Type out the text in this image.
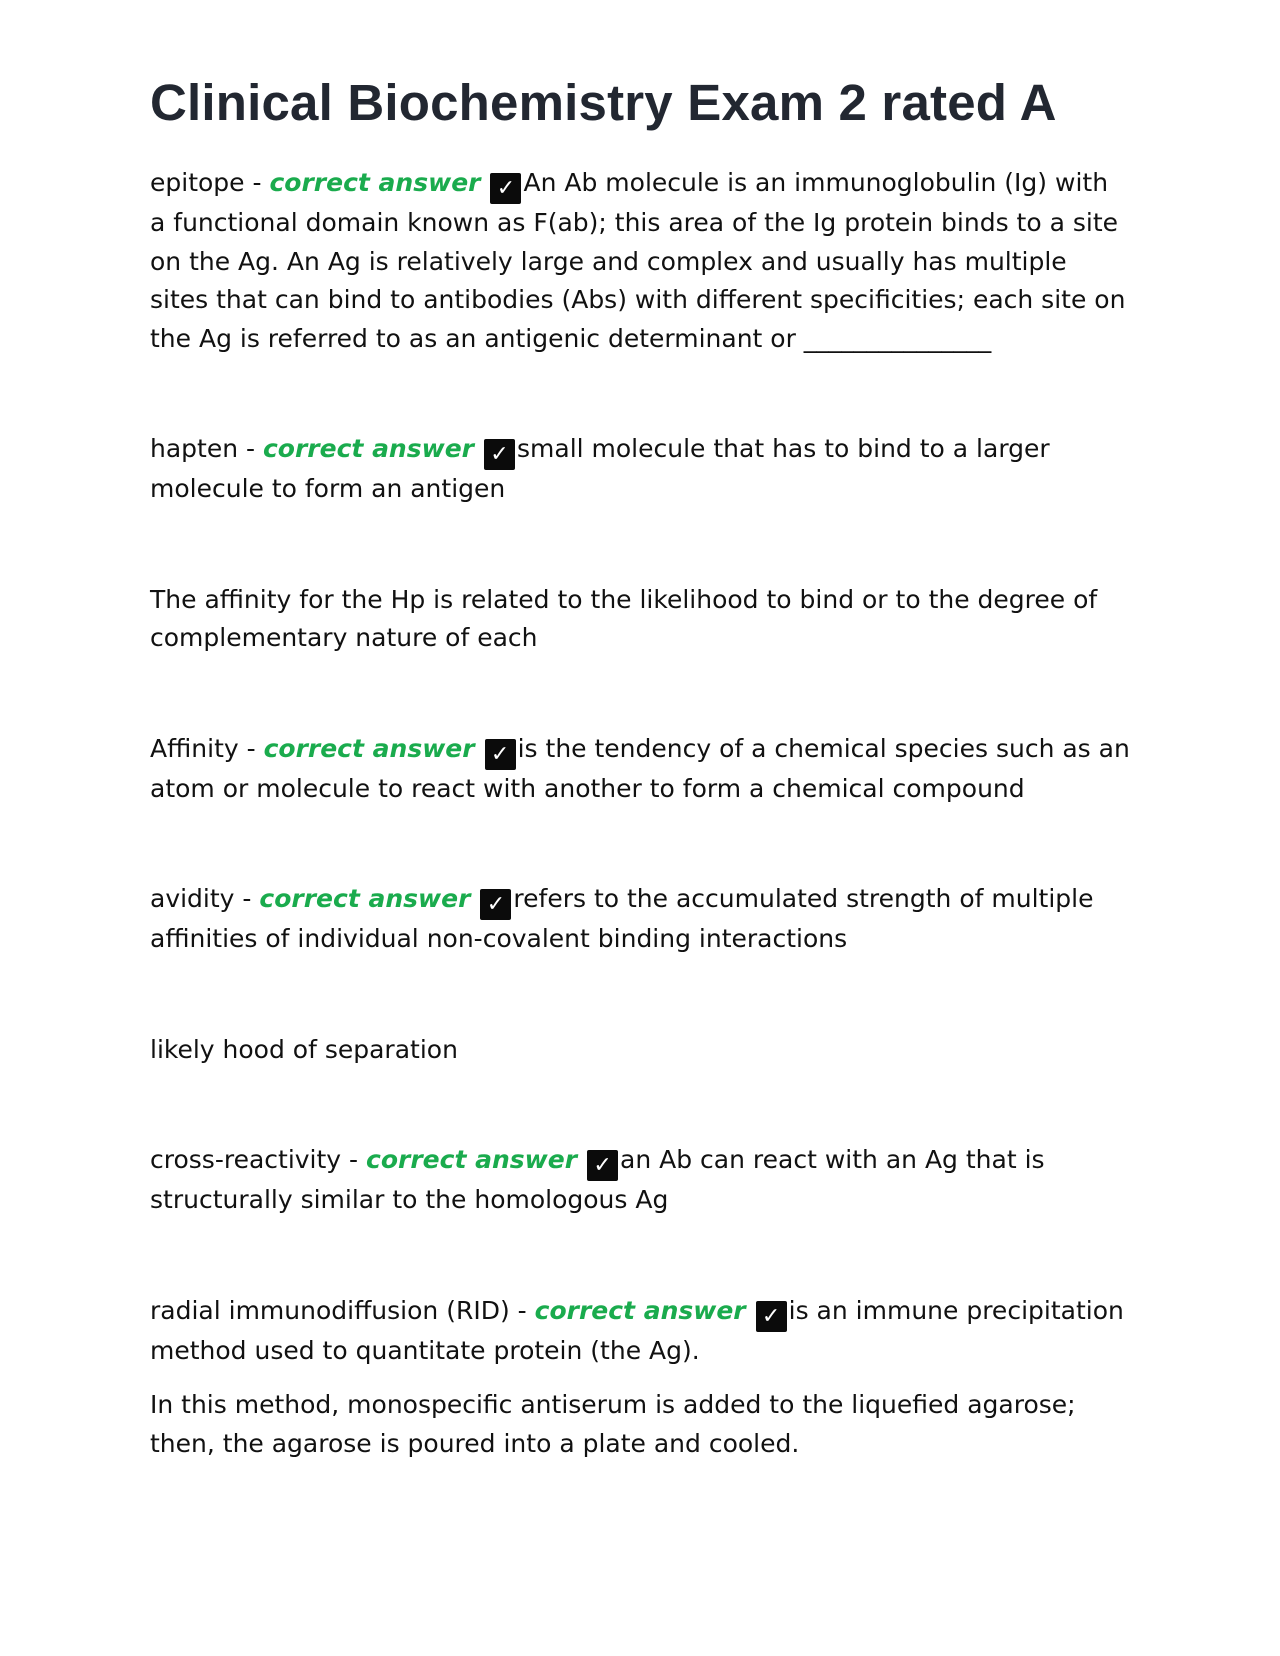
Clinical Biochemistry Exam 2 rated A
epitope - correct answer ✓ An Ab molecule is an immunoglobulin (Ig) with a functional domain known as F(ab); this area of the Ig protein binds to a site on the Ag. An Ag is relatively large and complex and usually has multiple sites that can bind to antibodies (Abs) with different specificities; each site on the Ag is referred to as an antigenic determinant or _______________
hapten - correct answer ✓ small molecule that has to bind to a larger molecule to form an antigen
The affinity for the Hp is related to the likelihood to bind or to the degree of complementary nature of each
Affinity - correct answer ✓ is the tendency of a chemical species such as an atom or molecule to react with another to form a chemical compound
avidity - correct answer ✓ refers to the accumulated strength of multiple affinities of individual non-covalent binding interactions
likely hood of separation
cross-reactivity - correct answer ✓ an Ab can react with an Ag that is structurally similar to the homologous Ag
radial immunodiffusion (RID) - correct answer ✓ is an immune precipitation method used to quantitate protein (the Ag).
In this method, monospecific antiserum is added to the liquefied agarose; then, the agarose is poured into a plate and cooled.
